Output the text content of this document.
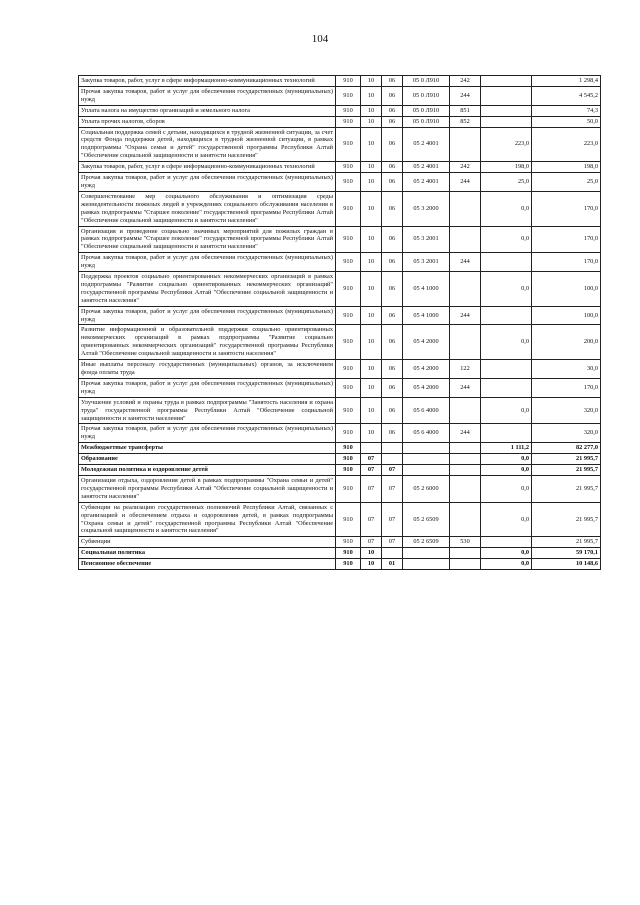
104
Закупка товаров, работ, услуг в сфере информационно-коммуникационных технологий	910	10	06	05 0 Л910	242		1 298,4
Прочая закупка товаров, работ и услуг для обеспечения государственных (муниципальных) нужд	910	10	06	05 0 Л910	244		4 545,2
Уплата налога на имущество организаций и земельного налога	910	10	06	05 0 Л910	851		74,3
Уплата прочих налогов, сборов	910	10	06	05 0 Л910	852		50,0
Социальная поддержка семей с детьми, находящихся в трудной жизненной ситуации, за счет средств Фонда поддержки детей, находящихся в трудной жизненной ситуации, в рамках подпрограммы "Охрана семьи и детей" государственной программы Республики Алтай "Обеспечение социальной защищенности и занятости населения"	910	10	06	05 2 4001		223,0	223,0
Закупка товаров, работ, услуг в сфере информационно-коммуникационных технологий	910	10	06	05 2 4001	242	198,0	198,0
Прочая закупка товаров, работ и услуг для обеспечения государственных (муниципальных) нужд	910	10	06	05 2 4001	244	25,0	25,0
Совершенствование мер социального обслуживания и оптимизация среды жизнедеятельности пожилых людей в учреждениях социального обслуживания населения в рамках подпрограммы "Старшее поколение" государственной программы Республики Алтай "Обеспечение социальной защищенности и занятости населения"	910	10	06	05 3 2000		0,0	170,0
Организация и проведение социально значимых мероприятий для пожилых граждан в рамках подпрограммы "Старшее поколение" государственной программы Республики Алтай "Обеспечение социальной защищенности и занятости населения"	910	10	06	05 3 2001		0,0	170,0
Прочая закупка товаров, работ и услуг для обеспечения государственных (муниципальных) нужд	910	10	06	05 3 2001	244		170,0
Поддержка проектов социально ориентированных некоммерческих организаций в рамках подпрограммы "Развитие социально ориентированных некоммерческих организаций" государственной программы Республики Алтай "Обеспечение социальной защищенности и занятости населения"	910	10	06	05 4 1000		0,0	100,0
Прочая закупка товаров, работ и услуг для обеспечения государственных (муниципальных) нужд	910	10	06	05 4 1000	244		100,0
Развитие информационной и образовательной поддержки социально ориентированных некоммерческих организаций в рамках подпрограммы "Развитие социально ориентированных некоммерческих организаций" государственной программы Республики Алтай "Обеспечение социальной защищенности и занятости населения"	910	10	06	05 4 2000		0,0	200,0
Иные выплаты персоналу государственных (муниципальных) органов, за исключением фонда оплаты труда	910	10	06	05 4 2000	122		30,0
Прочая закупка товаров, работ и услуг для обеспечения государственных (муниципальных) нужд	910	10	06	05 4 2000	244		170,0
Улучшение условий и охраны труда в рамках подпрограммы "Занятость населения и охрана труда" государственной программы Республики Алтай "Обеспечение социальной защищенности и занятости населения"	910	10	06	05 6 4000		0,0	320,0
Прочая закупка товаров, работ и услуг для обеспечения государственных (муниципальных) нужд	910	10	06	05 6 4000	244		320,0
Межбюджетные трансферты	910					1 111,2	82 277,0
Образование	910	07				0,0	21 995,7
Молодежная политика и оздоровление детей	910	07	07			0,0	21 995,7
Организация отдыха, оздоровления детей в рамках подпрограммы "Охрана семьи и детей" государственной программы Республики Алтай "Обеспечение социальной защищенности и занятости населения"	910	07	07	05 2 6000		0,0	21 995,7
Субвенции на реализацию государственных полномочий Республики Алтай, связанных с организацией и обеспечением отдыха и оздоровления детей, в рамках подпрограммы "Охрана семьи и детей" государственной программы Республики Алтай "Обеспечение социальной защищенности и занятости населения"	910	07	07	05 2 6509		0,0	21 995,7
Субвенции	910	07	07	05 2 6509	530		21 995,7
Социальная политика	910	10				0,0	59 170,1
Пенсионное обеспечение	910	10	01			0,0	10 148,6
